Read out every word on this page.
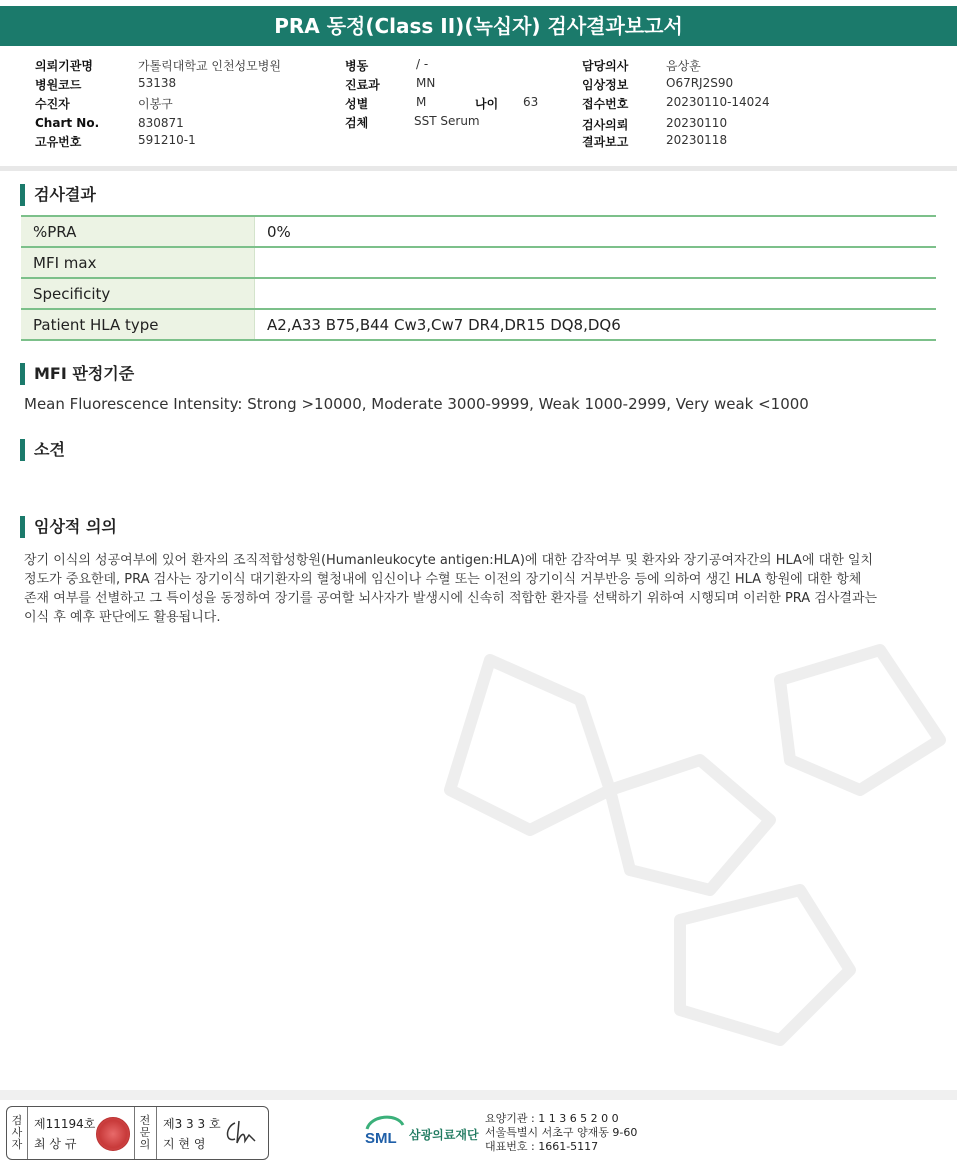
PRA 동정(Class II)(녹십자) 검사결과보고서
의뢰기관명	가톨릭대학교 인천성모병원
병원코드	53138
수진자	이봉구
Chart No.	830871
고유번호	591210-1
병동	/ -
진료과	MN
성별	M	나이 63
검체	SST Serum
담당의사	음상훈
임상정보	O67RJ2S90
접수번호	20230110-14024
검사의뢰	20230110
결과보고	20230118
검사결과
%PRA	0%
MFI max	
Specificity	
Patient HLA type	A2,A33 B75,B44 Cw3,Cw7 DR4,DR15 DQ8,DQ6
MFI 판정기준
Mean Fluorescence Intensity: Strong >10000, Moderate 3000-9999, Weak 1000-2999, Very weak <1000
소견
임상적 의의
장기 이식의 성공여부에 있어 환자의 조직적합성항원(Humanleukocyte antigen:HLA)에 대한 감작여부 및 환자와 장기공여자간의 HLA에 대한 일치
정도가 중요한데, PRA 검사는 장기이식 대기환자의 혈청내에 임신이나 수혈 또는 이전의 장기이식 거부반응 등에 의하여 생긴 HLA 항원에 대한 항체
존재 여부를 선별하고 그 특이성을 동정하여 장기를 공여할 뇌사자가 발생시에 신속히 적합한 환자를 선택하기 위하여 시행되며 이러한 PRA 검사결과는
이식 후 예후 판단에도 활용됩니다.
검사자
제11194호
최 상 규
전문의
제3 3 3 호
지 현 영	SML 삼광의료재단
요양기관 : 1 1 3 6 5 2 0 0
서울특별시 서초구 양재동 9-60
대표번호 : 1661-5117
